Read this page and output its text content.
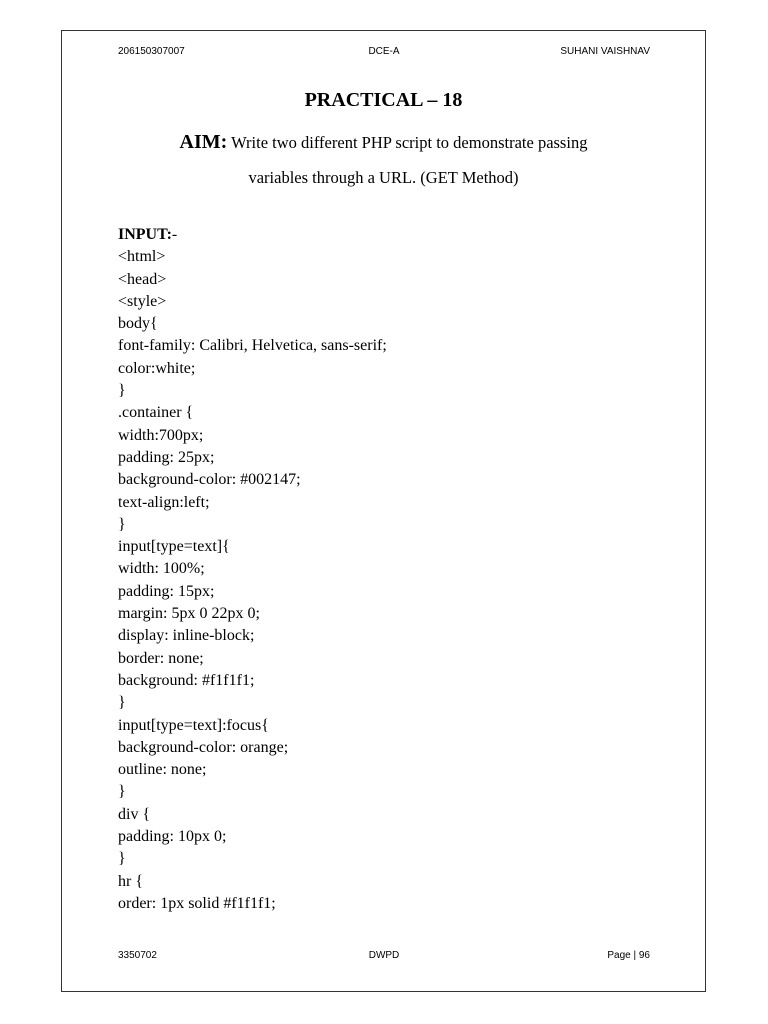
206150307007	DCE-A	SUHANI VAISHNAV
PRACTICAL – 18
AIM: Write two different PHP script to demonstrate passing
variables through a URL. (GET Method)
INPUT:-
<html>
<head>
<style>
body{
font-family: Calibri, Helvetica, sans-serif;
color:white;
}
.container {
width:700px;
padding: 25px;
background-color: #002147;
text-align:left;
}
input[type=text]{
width: 100%;
padding: 15px;
margin: 5px 0 22px 0;
display: inline-block;
border: none;
background: #f1f1f1;
}
input[type=text]:focus{
background-color: orange;
outline: none;
}
div {
padding: 10px 0;
}
hr {
order: 1px solid #f1f1f1;
3350702	DWPD	Page | 96
